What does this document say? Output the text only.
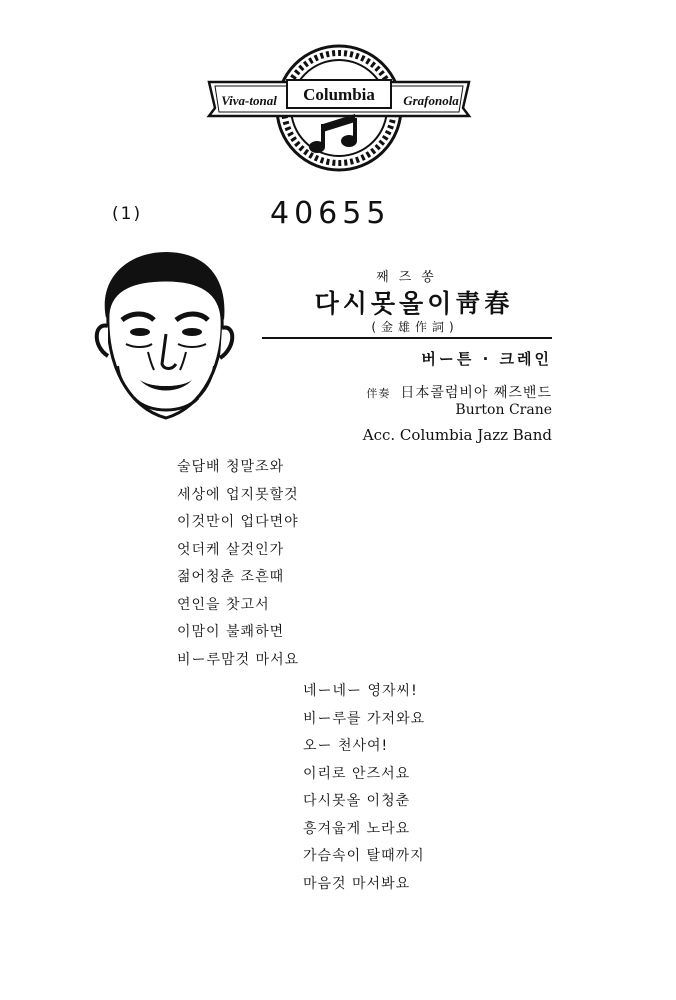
Columbia
Viva-tonal	Grafonola
(1)	40655
째즈쏭
다시못올이靑春
(金雄作詞)
버ー튼 · 크레인
伴奏 日本콜럼비아 째즈밴드
Burton Crane
Acc. Columbia Jazz Band
술담배 청말조와
세상에 업지못할것
이것만이 업다면야
엇더케 살것인가
젊어청춘 조흔때
연인을 찻고서
이맘이 불쾌하면
비ー루맘것 마서요
네ー네ー 영자씨!
비ー루를 가저와요
오ー 천사여!
이리로 안즈서요
다시못올 이청춘
흥겨웁게 노라요
가슴속이 탈때까지
마음것 마서봐요
